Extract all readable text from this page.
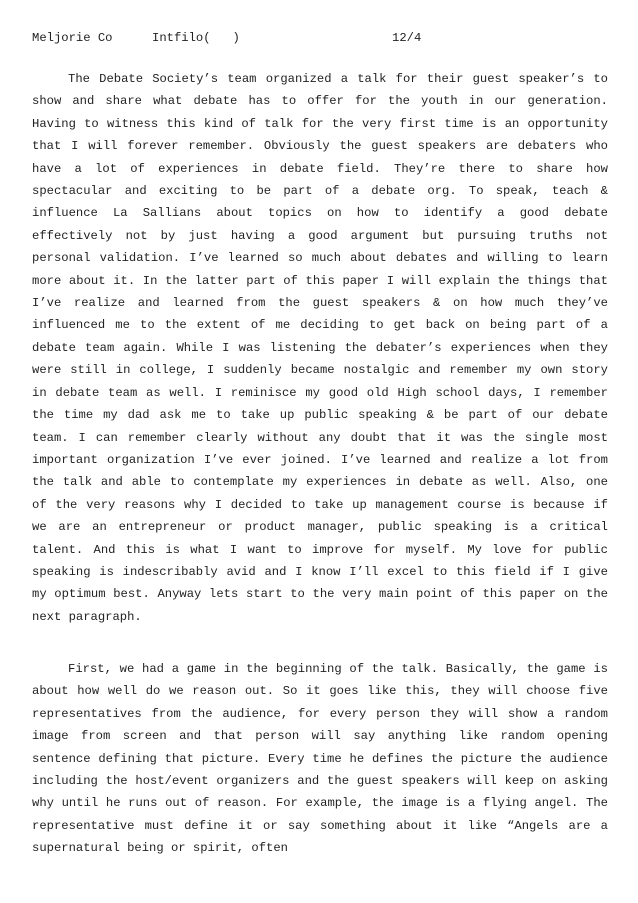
Meljorie Co

	Intfilo(   )

	12/4

The Debate Society’s team organized a talk for their guest speaker’s to show and share what debate has to offer for the youth in our generation. Having to witness this kind of talk for the very first time is an opportunity that I will forever remember. Obviously the guest speakers are debaters who have a lot of experiences in debate field. They’re there to share how spectacular and exciting to be part of a debate org. To speak, teach & influence La Sallians about topics on how to identify a good debate effectively not by just having a good argument but pursuing truths not personal validation. I’ve learned so much about debates and willing to learn more about it. In the latter part of this paper I will explain the things that I’ve realize and learned from the guest speakers & on how much they’ve influenced me to the extent of me deciding to get back on being part of a debate team again. While I was listening the debater’s experiences when they were still in college, I suddenly became nostalgic and remember my own story in debate team as well. I reminisce my good old High school days, I remember the time my dad ask me to take up public speaking & be part of our debate team. I can remember clearly without any doubt that it was the single most important organization I’ve ever joined. I’ve learned and realize a lot from the talk and able to contemplate my experiences in debate as well. Also, one of the very reasons why I decided to take up management course is because if we are an entrepreneur or product manager, public speaking is a critical talent. And this is what I want to improve for myself. My love for public speaking is indescribably avid and I know I’ll excel to this field if I give my optimum best. Anyway lets start to the very main point of this paper on the next paragraph.

First, we had a game in the beginning of the talk. Basically, the game is about how well do we reason out. So it goes like this, they will choose five representatives from the audience, for every person they will show a random image from screen and that person will say anything like random opening sentence defining that picture. Every time he defines the picture the audience including the host/event organizers and the guest speakers will keep on asking why until he runs out of reason. For example, the image is a flying angel. The representative must define it or say something about it like “Angels are a supernatural being or spirit, often
